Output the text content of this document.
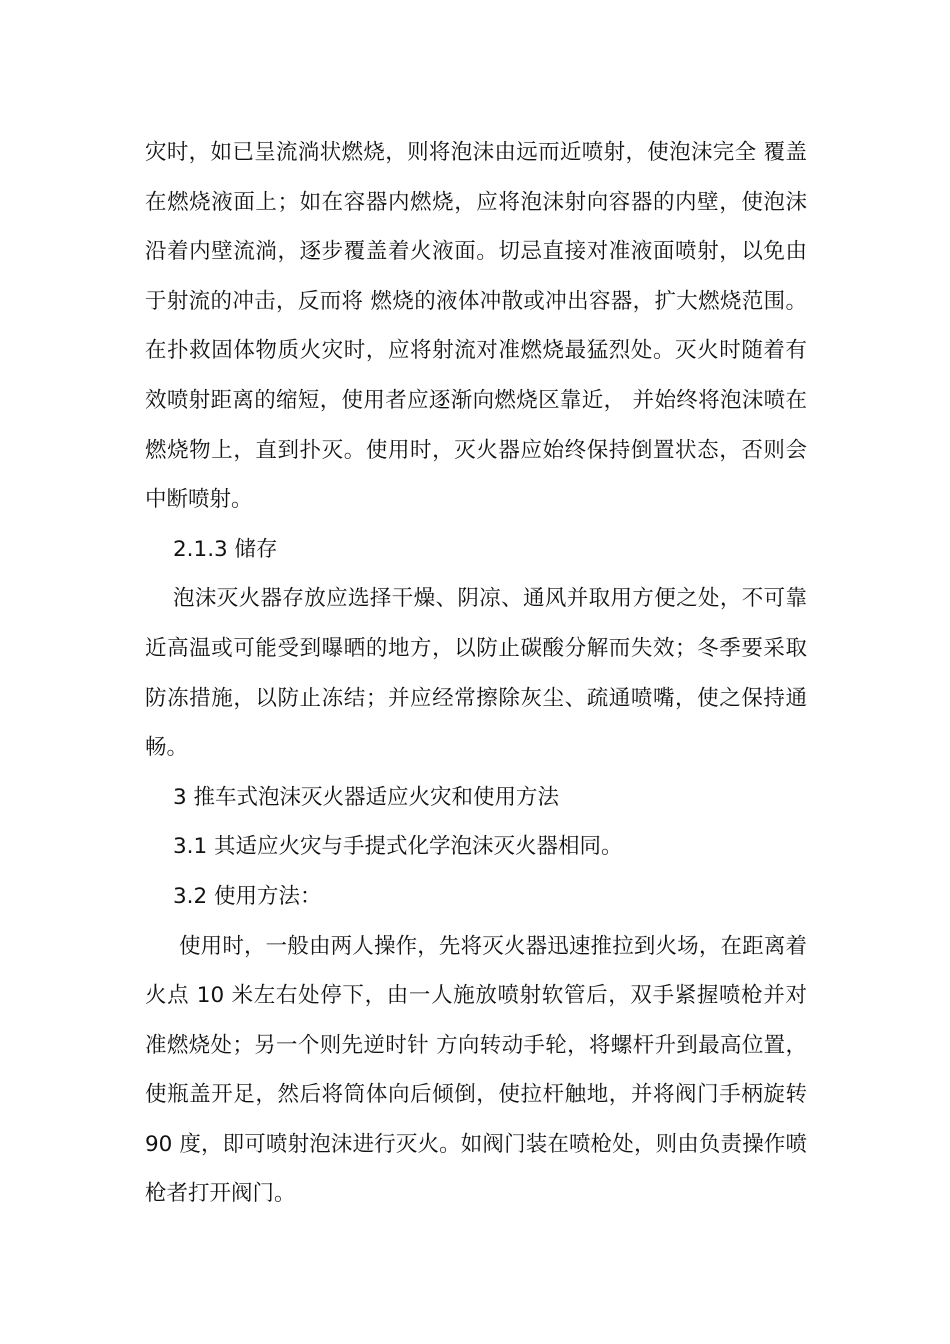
灾时，如已呈流淌状燃烧，则将泡沫由远而近喷射，使泡沫完全 覆盖在燃烧液面上；如在容器内燃烧，应将泡沫射向容器的内壁，使泡沫沿着内壁流淌，逐步覆盖着火液面。切忌直接对准液面喷射，以免由于射流的冲击，反而将 燃烧的液体冲散或冲出容器，扩大燃烧范围。在扑救固体物质火灾时，应将射流对准燃烧最猛烈处。灭火时随着有效喷射距离的缩短，使用者应逐渐向燃烧区靠近， 并始终将泡沫喷在燃烧物上，直到扑灭。使用时，灭火器应始终保持倒置状态，否则会中断喷射。

2.1.3 储存

泡沫灭火器存放应选择干燥、阴凉、通风并取用方便之处，不可靠近高温或可能受到曝晒的地方，以防止碳酸分解而失效；冬季要采取防冻措施，以防止冻结；并应经常擦除灰尘、疏通喷嘴，使之保持通畅。

3 推车式泡沫灭火器适应火灾和使用方法

3.1 其适应火灾与手提式化学泡沫灭火器相同。

3.2 使用方法：

使用时，一般由两人操作，先将灭火器迅速推拉到火场，在距离着火点 10 米左右处停下，由一人施放喷射软管后，双手紧握喷枪并对准燃烧处；另一个则先逆时针 方向转动手轮，将螺杆升到最高位置，使瓶盖开足，然后将筒体向后倾倒，使拉杆触地，并将阀门手柄旋转 90 度，即可喷射泡沫进行灭火。如阀门装在喷枪处，则由负责操作喷枪者打开阀门。
